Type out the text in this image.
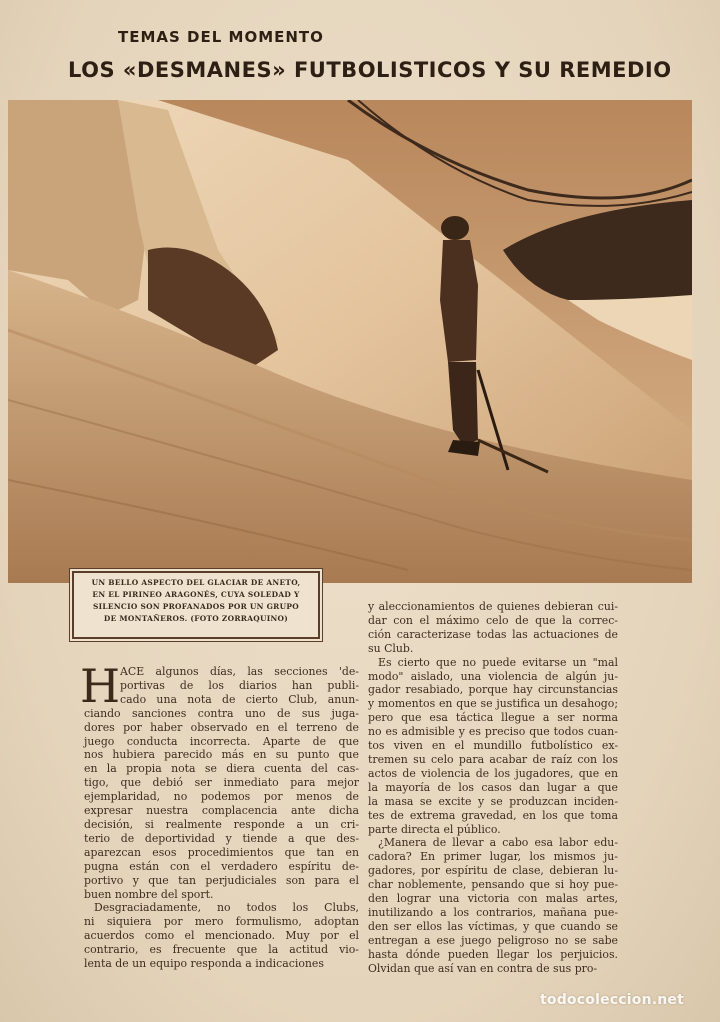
TEMAS DEL MOMENTO
LOS «DESMANES» FUTBOLISTICOS Y SU REMEDIO
UN BELLO ASPECTO DEL GLACIAR DE ANETO,
EN EL PIRINEO ARAGONÉS, CUYA SOLEDAD Y
SILENCIO SON PROFANADOS POR UN GRUPO
DE MONTAÑEROS. (FOTO ZORRAQUINO)
H ACE algunos días, las secciones 'de-
portivas de los diarios han publi-
cado una nota de cierto Club, anun-
ciando sanciones contra uno de sus juga-
dores por haber observado en el terreno de
juego conducta incorrecta. Aparte de que
nos hubiera parecido más en su punto que
en la propia nota se diera cuenta del cas-
tigo, que debió ser inmediato para mejor
ejemplaridad, no podemos por menos de
expresar nuestra complacencia ante dicha
decisión, si realmente responde a un cri-
terio de deportividad y tiende a que des-
aparezcan esos procedimientos que tan en
pugna están con el verdadero espíritu de-
portivo y que tan perjudiciales son para el
buen nombre del sport.
Desgraciadamente, no todos los Clubs,
ni siquiera por mero formulismo, adoptan
acuerdos como el mencionado. Muy por el
contrario, es frecuente que la actitud vio-
lenta de un equipo responda a indicaciones
y aleccionamientos de quienes debieran cui-
dar con el máximo celo de que la correc-
ción caracterizase todas las actuaciones de
su Club.
Es cierto que no puede evitarse un "mal
modo" aislado, una violencia de algún ju-
gador resabiado, porque hay circunstancias
y momentos en que se justifica un desahogo;
pero que esa táctica llegue a ser norma
no es admisible y es preciso que todos cuan-
tos viven en el mundillo futbolístico ex-
tremen su celo para acabar de raíz con los
actos de violencia de los jugadores, que en
la mayoría de los casos dan lugar a que
la masa se excite y se produzcan inciden-
tes de extrema gravedad, en los que toma
parte directa el público.
¿Manera de llevar a cabo esa labor edu-
cadora? En primer lugar, los mismos ju-
gadores, por espíritu de clase, debieran lu-
char noblemente, pensando que si hoy pue-
den lograr una victoria con malas artes,
inutilizando a los contrarios, mañana pue-
den ser ellos las víctimas, y que cuando se
entregan a ese juego peligroso no se sabe
hasta dónde pueden llegar los perjuicios.
Olvidan que así van en contra de sus pro-
todocoleccion.net
